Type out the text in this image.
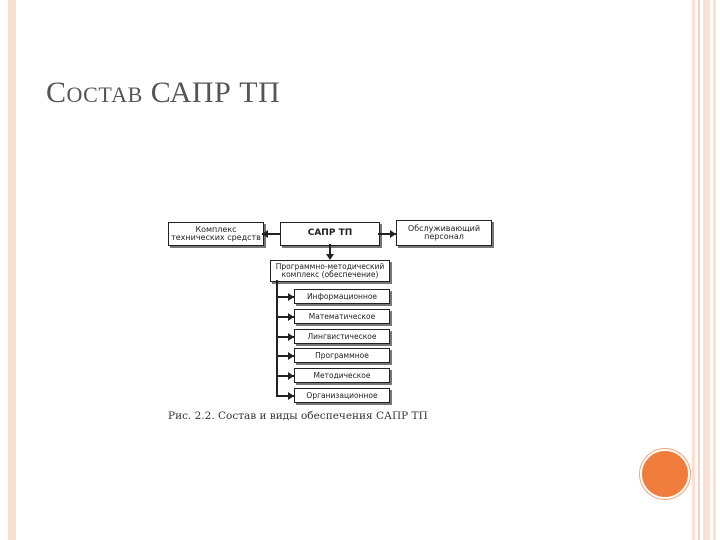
СОСТАВ САПР ТП
Комплекс
технических средств	САПР ТП
Обслуживающий
персонал
Программно-методический
комплекс (обеспечение)
Информационное
Математическое
Лингвистическое
Программное
Методическое
Организационное
Рис. 2.2. Состав и виды обеспечения САПР ТП
